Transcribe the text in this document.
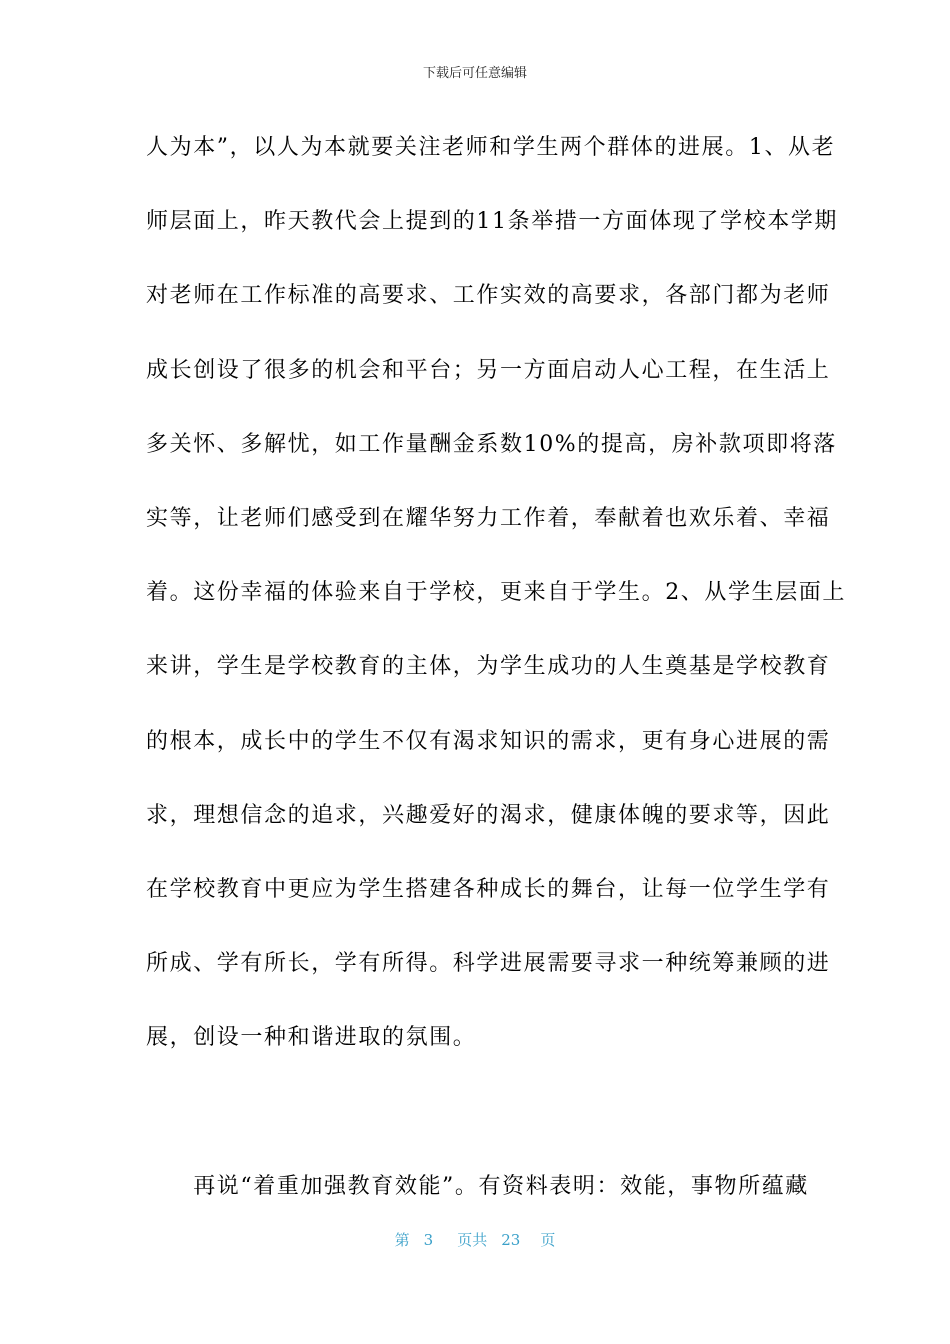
下载后可任意编辑
人为本”，以人为本就要关注老师和学生两个群体的进展。1、从老
师层面上，昨天教代会上提到的11条举措一方面体现了学校本学期
对老师在工作标准的高要求、工作实效的高要求，各部门都为老师
成长创设了很多的机会和平台；另一方面启动人心工程，在生活上
多关怀、多解忧，如工作量酬金系数10%的提高，房补款项即将落
实等，让老师们感受到在耀华努力工作着，奉献着也欢乐着、幸福
着。这份幸福的体验来自于学校，更来自于学生。2、从学生层面上
来讲，学生是学校教育的主体，为学生成功的人生奠基是学校教育
的根本，成长中的学生不仅有渴求知识的需求，更有身心进展的需
求，理想信念的追求，兴趣爱好的渴求，健康体魄的要求等，因此
在学校教育中更应为学生搭建各种成长的舞台，让每一位学生学有
所成、学有所长，学有所得。科学进展需要寻求一种统筹兼顾的进
展，创设一种和谐进取的氛围。
　　再说“着重加强教育效能”。有资料表明：效能，事物所蕴藏
第 3 页共 23 页
